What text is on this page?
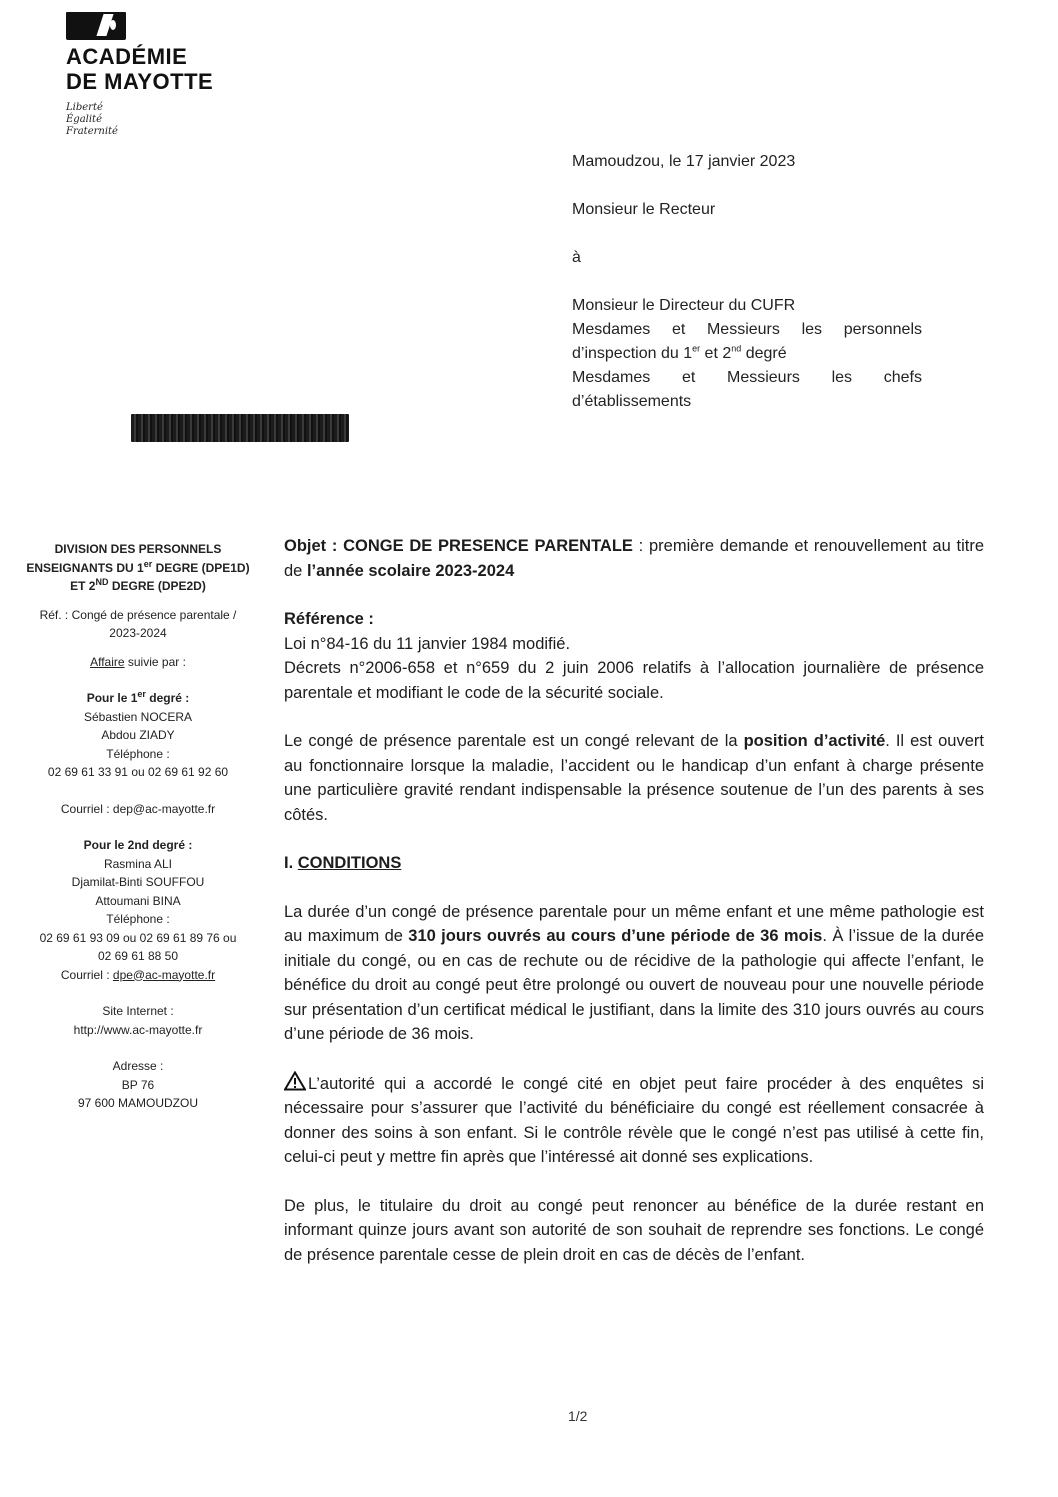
ACADÉMIE
DE MAYOTTE
Liberté
Égalité
Fraternité
Mamoudzou, le 17 janvier 2023
Monsieur le Recteur
à
Monsieur le Directeur du CUFR
Mesdames et Messieurs les personnels
d’inspection du 1er et 2nd degré
Mesdames et Messieurs les chefs
d’établissements
DIVISION DES PERSONNELS
ENSEIGNANTS DU 1er DEGRE (DPE1D)
ET 2ND DEGRE (DPE2D)
Réf. : Congé de présence parentale /
2023-2024
Affaire suivie par :
Pour le 1er degré :
Sébastien NOCERA
Abdou ZIADY
Téléphone :
02 69 61 33 91 ou 02 69 61 92 60
Courriel : dep@ac-mayotte.fr
Pour le 2nd degré :
Rasmina ALI
Djamilat-Binti SOUFFOU
Attoumani BINA
Téléphone :
02 69 61 93 09 ou 02 69 61 89 76 ou
02 69 61 88 50
Courriel : dpe@ac-mayotte.fr
Site Internet :
http://www.ac-mayotte.fr
Adresse :
BP 76
97 600 MAMOUDZOU

Objet : CONGE DE PRESENCE PARENTALE : première demande et renouvellement au titre de l’année scolaire 2023-2024

Référence :

Loi n°84-16 du 11 janvier 1984 modifié.

Décrets n°2006-658 et n°659 du 2 juin 2006 relatifs à l’allocation journalière de présence parentale et modifiant le code de la sécurité sociale.

Le congé de présence parentale est un congé relevant de la position d’activité. Il est ouvert au fonctionnaire lorsque la maladie, l’accident ou le handicap d’un enfant à charge présente une particulière gravité rendant indispensable la présence soutenue de l’un des parents à ses côtés.

I. CONDITIONS

La durée d’un congé de présence parentale pour un même enfant et une même pathologie est au maximum de 310 jours ouvrés au cours d’une période de 36 mois. À l’issue de la durée initiale du congé, ou en cas de rechute ou de récidive de la pathologie qui affecte l’enfant, le bénéfice du droit au congé peut être prolongé ou ouvert de nouveau pour une nouvelle période sur présentation d’un certificat médical le justifiant, dans la limite des 310 jours ouvrés au cours d’une période de 36 mois.

L’autorité qui a accordé le congé cité en objet peut faire procéder à des enquêtes si nécessaire pour s’assurer que l’activité du bénéficiaire du congé est réellement consacrée à donner des soins à son enfant. Si le contrôle révèle que le congé n’est pas utilisé à cette fin, celui-ci peut y mettre fin après que l’intéressé ait donné ses explications.

De plus, le titulaire du droit au congé peut renoncer au bénéfice de la durée restant en informant quinze jours avant son autorité de son souhait de reprendre ses fonctions. Le congé de présence parentale cesse de plein droit en cas de décès de l’enfant.

1/2
